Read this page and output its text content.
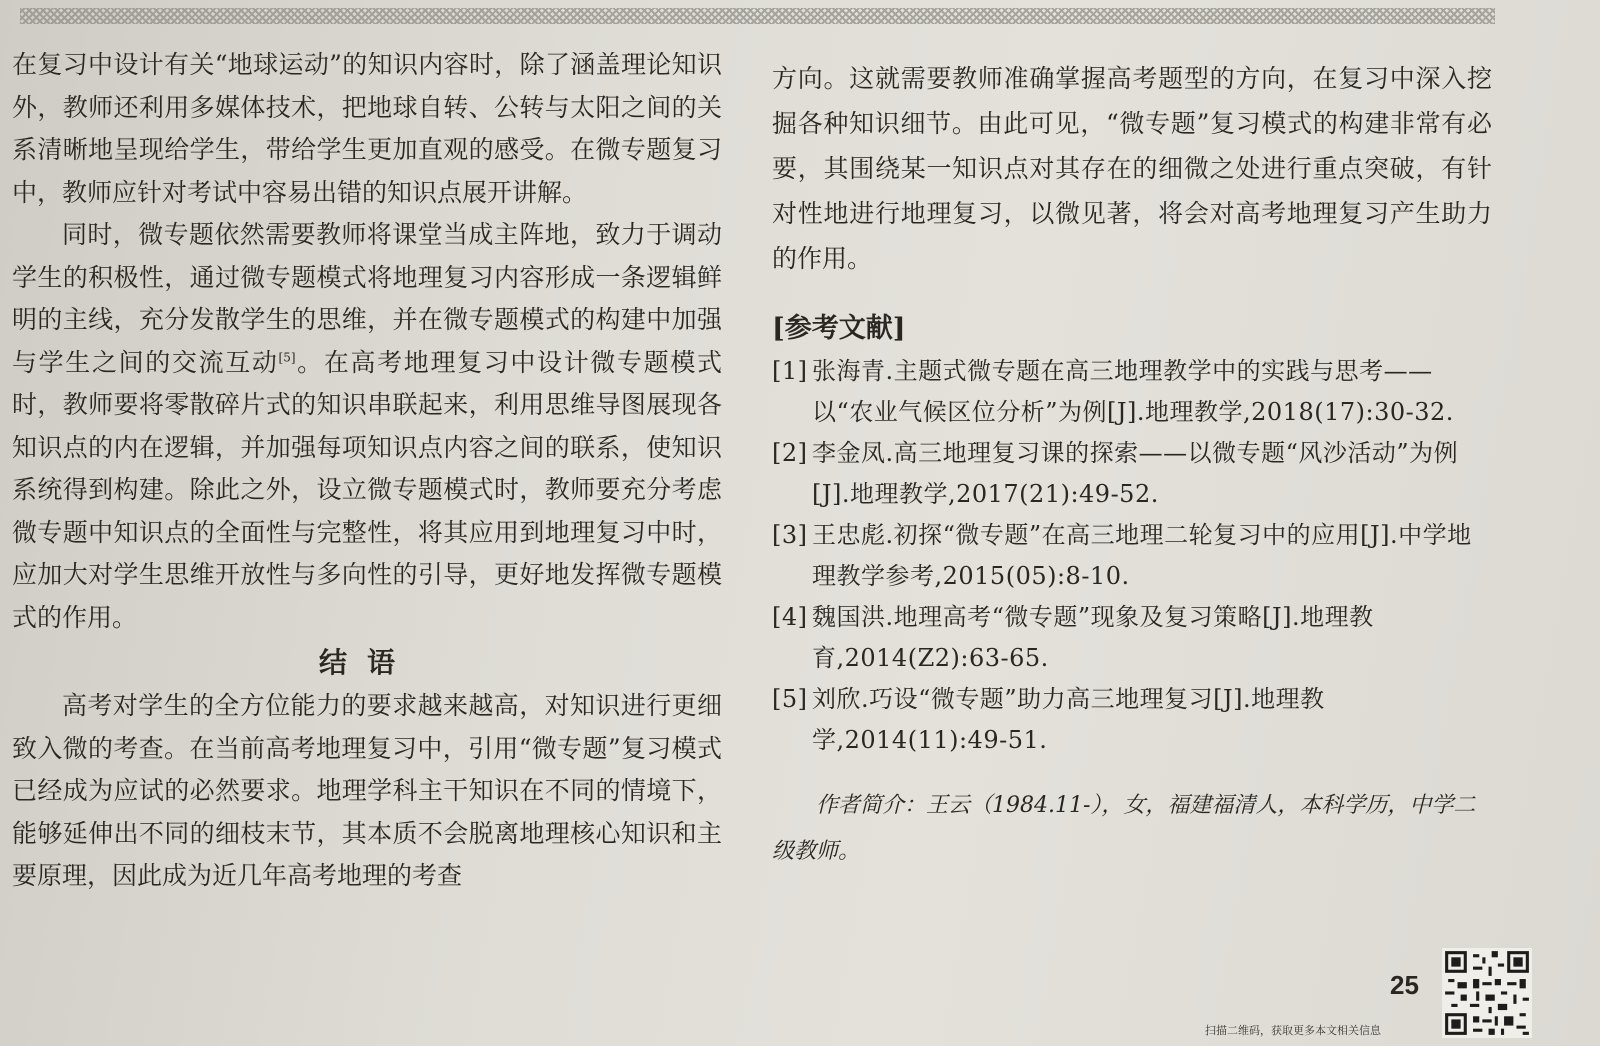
在复习中设计有关“地球运动”的知识内容时，除了涵盖理论知识外，教师还利用多媒体技术，把地球自转、公转与太阳之间的关系清晰地呈现给学生，带给学生更加直观的感受。在微专题复习中，教师应针对考试中容易出错的知识点展开讲解。

同时，微专题依然需要教师将课堂当成主阵地，致力于调动学生的积极性，通过微专题模式将地理复习内容形成一条逻辑鲜明的主线，充分发散学生的思维，并在微专题模式的构建中加强与学生之间的交流互动[5]。在高考地理复习中设计微专题模式时，教师要将零散碎片式的知识串联起来，利用思维导图展现各知识点的内在逻辑，并加强每项知识点内容之间的联系，使知识系统得到构建。除此之外，设立微专题模式时，教师要充分考虑微专题中知识点的全面性与完整性，将其应用到地理复习中时，应加大对学生思维开放性与多向性的引导，更好地发挥微专题模式的作用。

结语

高考对学生的全方位能力的要求越来越高，对知识进行更细致入微的考查。在当前高考地理复习中，引用“微专题”复习模式已经成为应试的必然要求。地理学科主干知识在不同的情境下，能够延伸出不同的细枝末节，其本质不会脱离地理核心知识和主要原理，因此成为近几年高考地理的考查

方向。这就需要教师准确掌握高考题型的方向，在复习中深入挖掘各种知识细节。由此可见，“微专题”复习模式的构建非常有必要，其围绕某一知识点对其存在的细微之处进行重点突破，有针对性地进行地理复习，以微见著，将会对高考地理复习产生助力的作用。

[参考文献]
[1] 张海青.主题式微专题在高三地理教学中的实践与思考——以“农业气候区位分析”为例[J].地理教学,2018(17):30-32.
[2] 李金凤.高三地理复习课的探索——以微专题“风沙活动”为例[J].地理教学,2017(21):49-52.
[3] 王忠彪.初探“微专题”在高三地理二轮复习中的应用[J].中学地理教学参考,2015(05):8-10.
[4] 魏国洪.地理高考“微专题”现象及复习策略[J].地理教育,2014(Z2):63-65.
[5] 刘欣.巧设“微专题”助力高三地理复习[J].地理教学,2014(11):49-51.
作者简介：王云（1984.11-），女，福建福清人，本科学历，中学二级教师。
25
扫描二维码，获取更多本文相关信息
